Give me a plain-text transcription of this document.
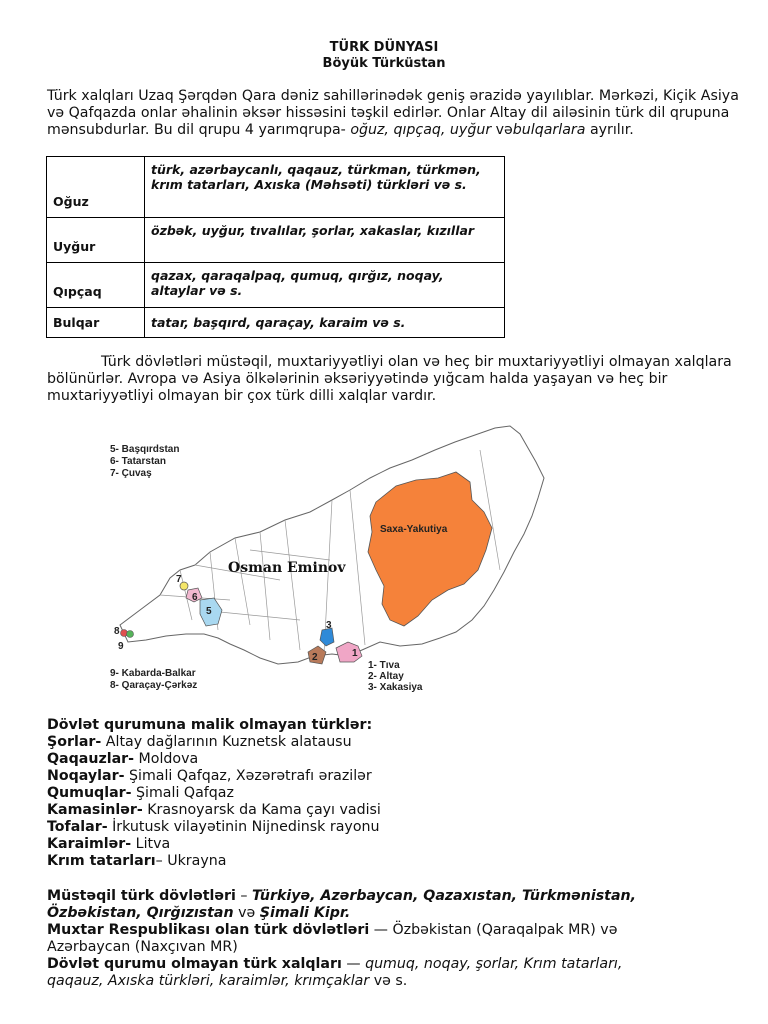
TÜRK DÜNYASI
Böyük Türküstan

Türk xalqları Uzaq Şərqdən Qara dəniz sahillərinədək geniş ərazidə yayılıblar. Mərkəzi, Kiçik Asiya və Qafqazda onlar əhalinin əksər hissəsini təşkil edirlər. Onlar Altay dil ailəsinin türk dil qrupuna mənsubdurlar. Bu dil qrupu 4 yarımqrupa- oğuz, qıpçaq, uyğur vəbulqarlara ayrılır.

Oğuz	türk, azərbaycanlı, qaqauz, türkman, türkmən, krım tatarları, Axıska (Məhsəti) türkləri və s.
Uyğur	özbək, uyğur, tıvalılar, şorlar, xakaslar, kızıllar
Qıpçaq	qazax, qaraqalpaq, qumuq, qırğız, noqay, altaylar və s.
Bulqar	tatar, başqırd, qaraçay, karaim və s.
Türk dövlətləri müstəqil, muxtariyyətliyi olan və heç bir muxtariyyətliyi olmayan xalqlara bölünürlər. Avropa və Asiya ölkələrinin əksəriyyətində yığcam halda yaşayan və heç bir muxtariyyətliyi olmayan bir çox türk dilli xalqlar vardır.
Saxa-Yakutiya
1
2
3
5
6
7
8
9
Osman Eminov
5- Başqırdstan
6- Tatarstan
7- Çuvaş
9- Kabarda-Balkar
8- Qaraçay-Çərkəz
1- Tıva
2- Altay
3- Xakasiya
Dövlət qurumuna malik olmayan türklər:
Şorlar- Altay dağlarının Kuznetsk alatausu
Qaqauzlar- Moldova
Noqaylar- Şimali Qafqaz, Xəzərətrafı ərazilər
Qumuqlar- Şimali Qafqaz
Kamasinlər- Krasnoyarsk da Kama çayı vadisi
Tofalar- İrkutusk vilayətinin Nijnedinsk rayonu
Karaimlər- Litva
Krım tatarları– Ukrayna
Müstəqil türk dövlətləri – Türkiyə, Azərbaycan, Qazaxıstan, Türkmənistan,
Özbəkistan, Qırğızıstan və Şimali Kipr.
Muxtar Respublikası olan türk dövlətləri — Özbəkistan (Qaraqalpak MR) və
Azərbaycan (Naxçıvan MR)
Dövlət qurumu olmayan türk xalqları — qumuq, noqay, şorlar, Krım tatarları,
qaqauz, Axıska türkləri, karaimlər, krımçaklar və s.
